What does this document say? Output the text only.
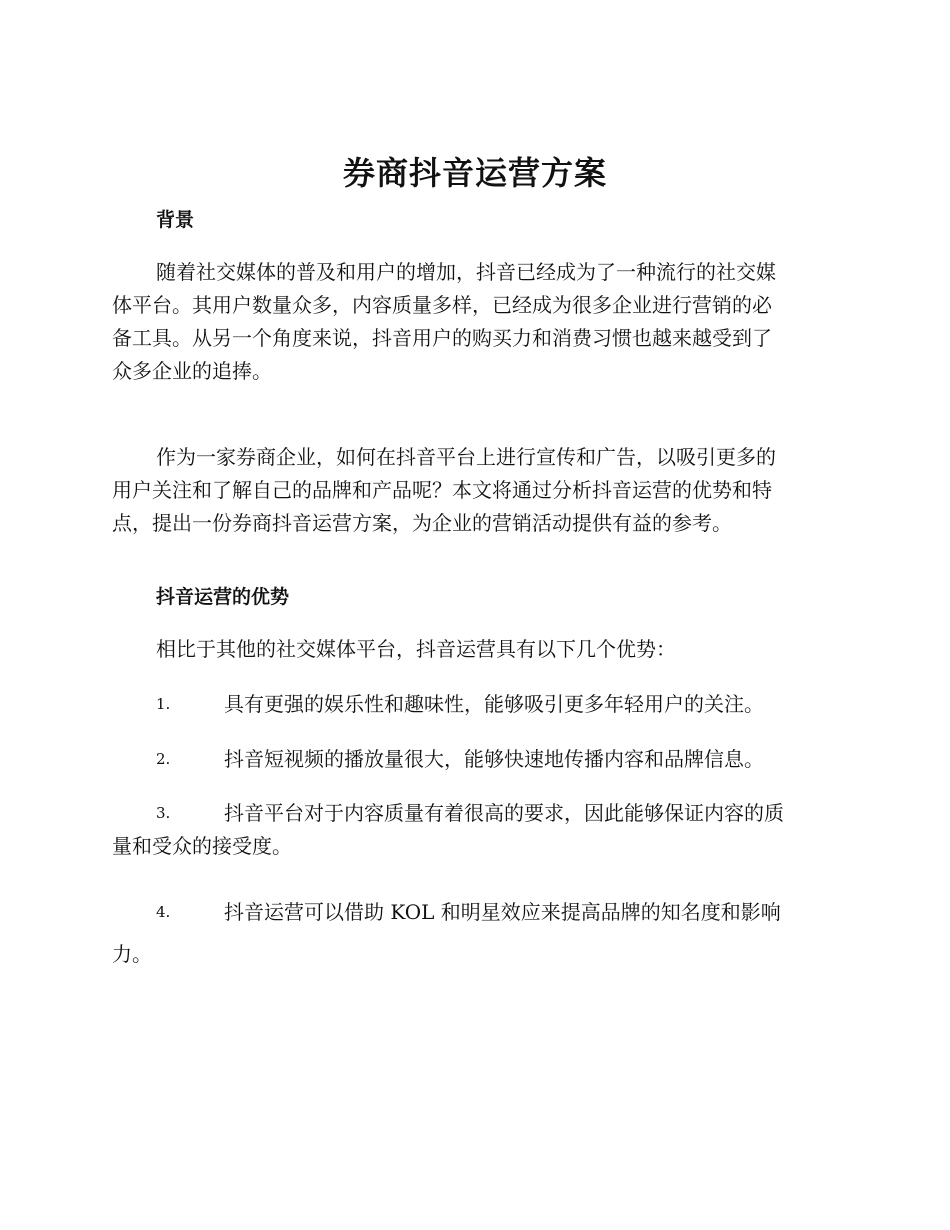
券商抖音运营方案
背景
随着社交媒体的普及和用户的增加，抖音已经成为了一种流行的社交媒
体平台。其用户数量众多，内容质量多样，已经成为很多企业进行营销的必
备工具。从另一个角度来说，抖音用户的购买力和消费习惯也越来越受到了
众多企业的追捧。
作为一家券商企业，如何在抖音平台上进行宣传和广告，以吸引更多的
用户关注和了解自己的品牌和产品呢？本文将通过分析抖音运营的优势和特
点，提出一份券商抖音运营方案，为企业的营销活动提供有益的参考。
抖音运营的优势
相比于其他的社交媒体平台，抖音运营具有以下几个优势：
1.	具有更强的娱乐性和趣味性，能够吸引更多年轻用户的关注。
2.	抖音短视频的播放量很大，能够快速地传播内容和品牌信息。
3.	抖音平台对于内容质量有着很高的要求，因此能够保证内容的质
量和受众的接受度。
4.	抖音运营可以借助 KOL 和明星效应来提高品牌的知名度和影响
力。
